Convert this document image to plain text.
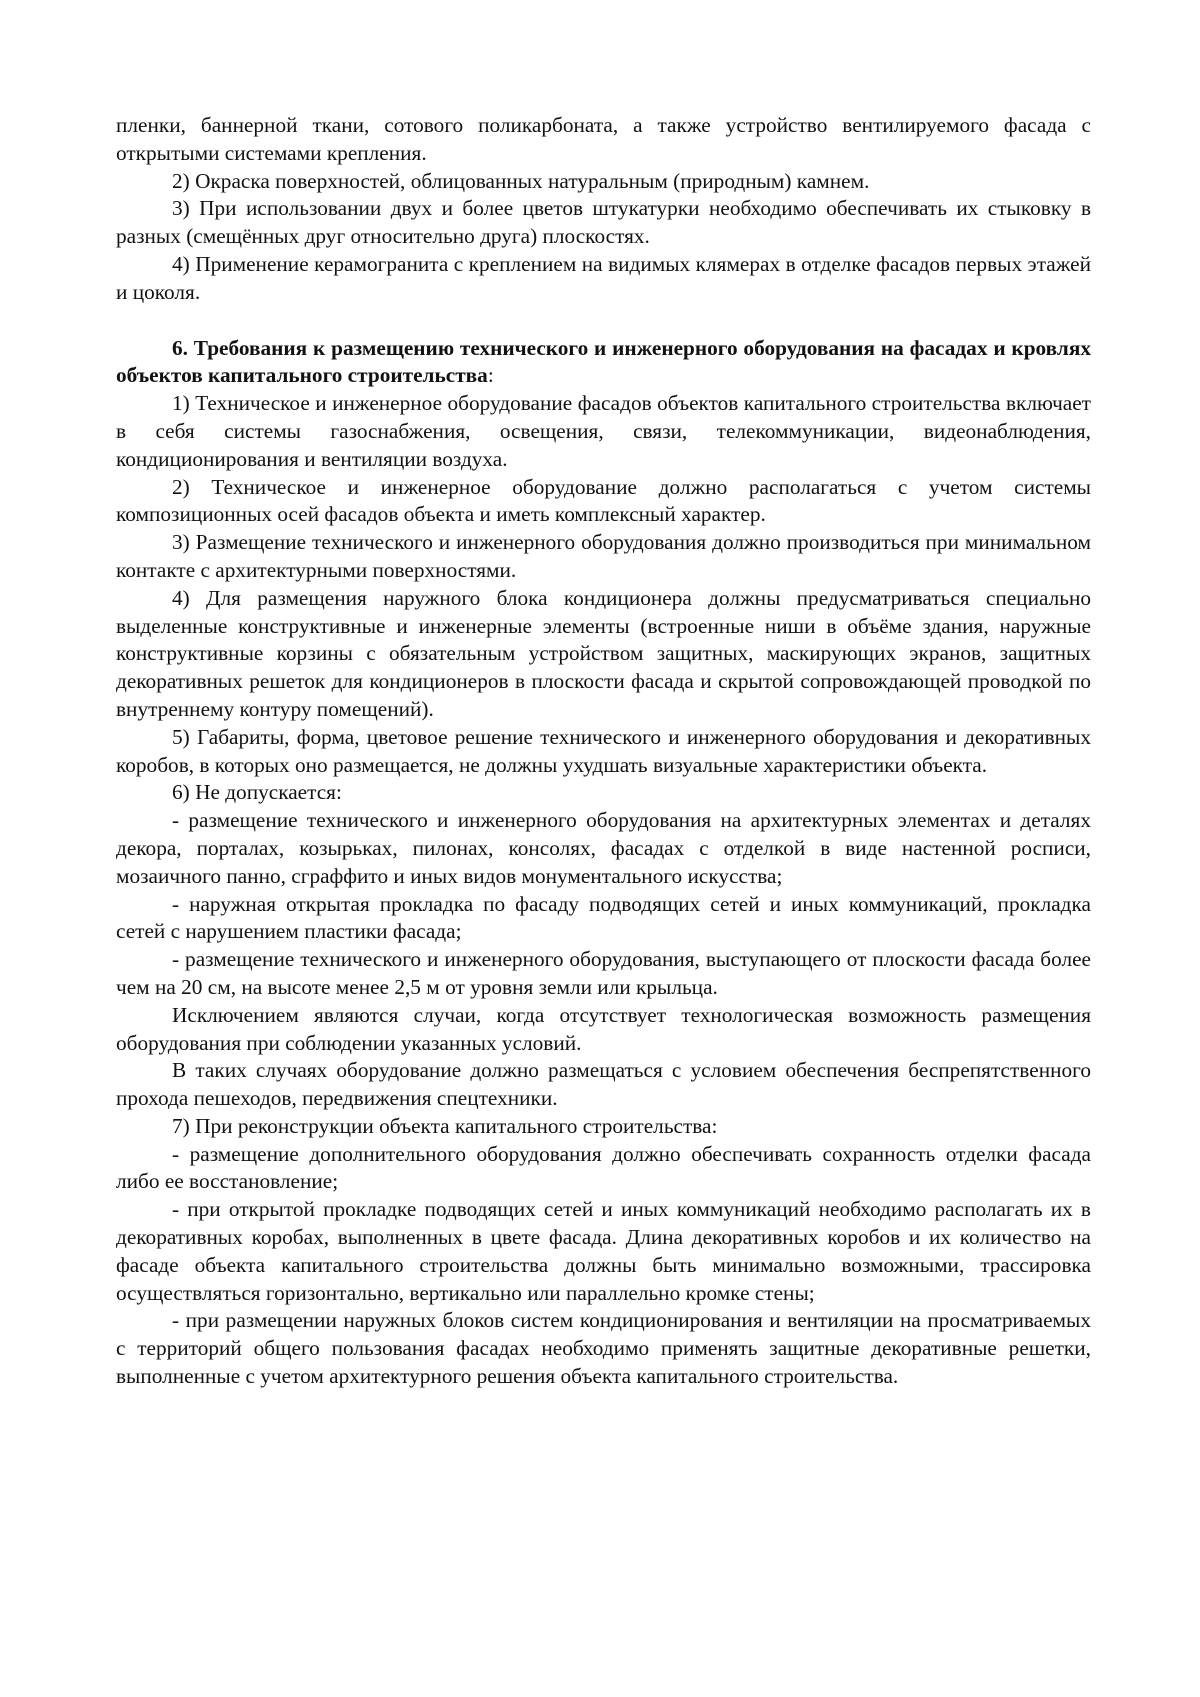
пленки, баннерной ткани, сотового поликарбоната, а также устройство вентилируемого фасада с открытыми системами крепления.

2) Окраска поверхностей, облицованных натуральным (природным) камнем.

3) При использовании двух и более цветов штукатурки необходимо обеспечивать их стыковку в разных (смещённых друг относительно друга) плоскостях.

4) Применение керамогранита с креплением на видимых клямерах в отделке фасадов первых этажей и цоколя.

6. Требования к размещению технического и инженерного оборудования на фасадах и кровлях объектов капитального строительства:

1) Техническое и инженерное оборудование фасадов объектов капитального строительства включает в себя системы газоснабжения, освещения, связи, телекоммуникации, видеонаблюдения, кондиционирования и вентиляции воздуха.

2) Техническое и инженерное оборудование должно располагаться с учетом системы композиционных осей фасадов объекта и иметь комплексный характер.

3) Размещение технического и инженерного оборудования должно производиться при минимальном контакте с архитектурными поверхностями.

4) Для размещения наружного блока кондиционера должны предусматриваться специально выделенные конструктивные и инженерные элементы (встроенные ниши в объёме здания, наружные конструктивные корзины с обязательным устройством защитных, маскирующих экранов, защитных декоративных решеток для кондиционеров в плоскости фасада и скрытой сопровождающей проводкой по внутреннему контуру помещений).

5) Габариты, форма, цветовое решение технического и инженерного оборудования и декоративных коробов, в которых оно размещается, не должны ухудшать визуальные характеристики объекта.

6) Не допускается:

- размещение технического и инженерного оборудования на архитектурных элементах и деталях декора, порталах, козырьках, пилонах, консолях, фасадах с отделкой в виде настенной росписи, мозаичного панно, сграффито и иных видов монументального искусства;

- наружная открытая прокладка по фасаду подводящих сетей и иных коммуникаций, прокладка сетей с нарушением пластики фасада;

- размещение технического и инженерного оборудования, выступающего от плоскости фасада более чем на 20 см, на высоте менее 2,5 м от уровня земли или крыльца.

Исключением являются случаи, когда отсутствует технологическая возможность размещения оборудования при соблюдении указанных условий.

В таких случаях оборудование должно размещаться с условием обеспечения беспрепятственного прохода пешеходов, передвижения спецтехники.

7) При реконструкции объекта капитального строительства:

- размещение дополнительного оборудования должно обеспечивать сохранность отделки фасада либо ее восстановление;

- при открытой прокладке подводящих сетей и иных коммуникаций необходимо располагать их в декоративных коробах, выполненных в цвете фасада. Длина декоративных коробов и их количество на фасаде объекта капитального строительства должны быть минимально возможными, трассировка осуществляться горизонтально, вертикально или параллельно кромке стены;

- при размещении наружных блоков систем кондиционирования и вентиляции на просматриваемых с территорий общего пользования фасадах необходимо применять защитные декоративные решетки, выполненные с учетом архитектурного решения объекта капитального строительства.
